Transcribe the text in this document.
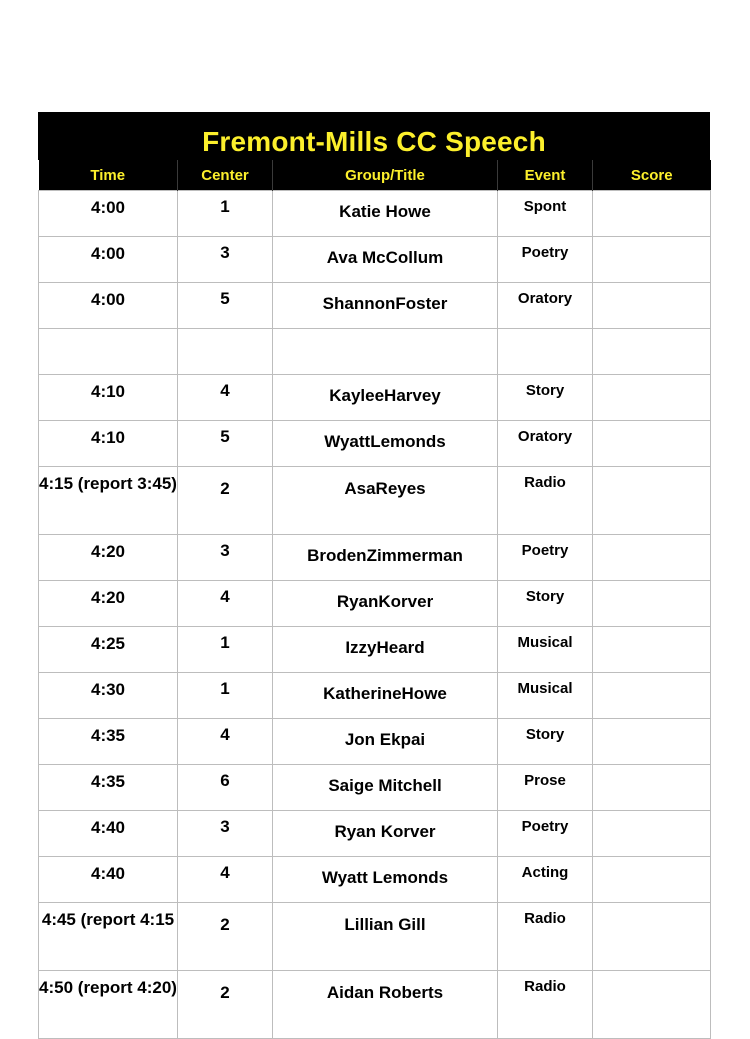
Fremont-Mills CC Speech
Time	Center	Group/Title	Event	Score
4:00	1	Katie Howe	Spont	
4:00	3	Ava McCollum	Poetry	
4:00	5	ShannonFoster	Oratory	

4:10	4	KayleeHarvey	Story	
4:10	5	WyattLemonds	Oratory	
4:15 (report 3:45)	2	AsaReyes	Radio	
4:20	3	BrodenZimmerman	Poetry	
4:20	4	RyanKorver	Story	
4:25	1	IzzyHeard	Musical	
4:30	1	KatherineHowe	Musical	
4:35	4	Jon Ekpai	Story	
4:35	6	Saige Mitchell	Prose	
4:40	3	Ryan Korver	Poetry	
4:40	4	Wyatt Lemonds	Acting	
4:45 (report 4:15	2	Lillian Gill	Radio	
4:50 (report 4:20)	2	Aidan Roberts	Radio	
